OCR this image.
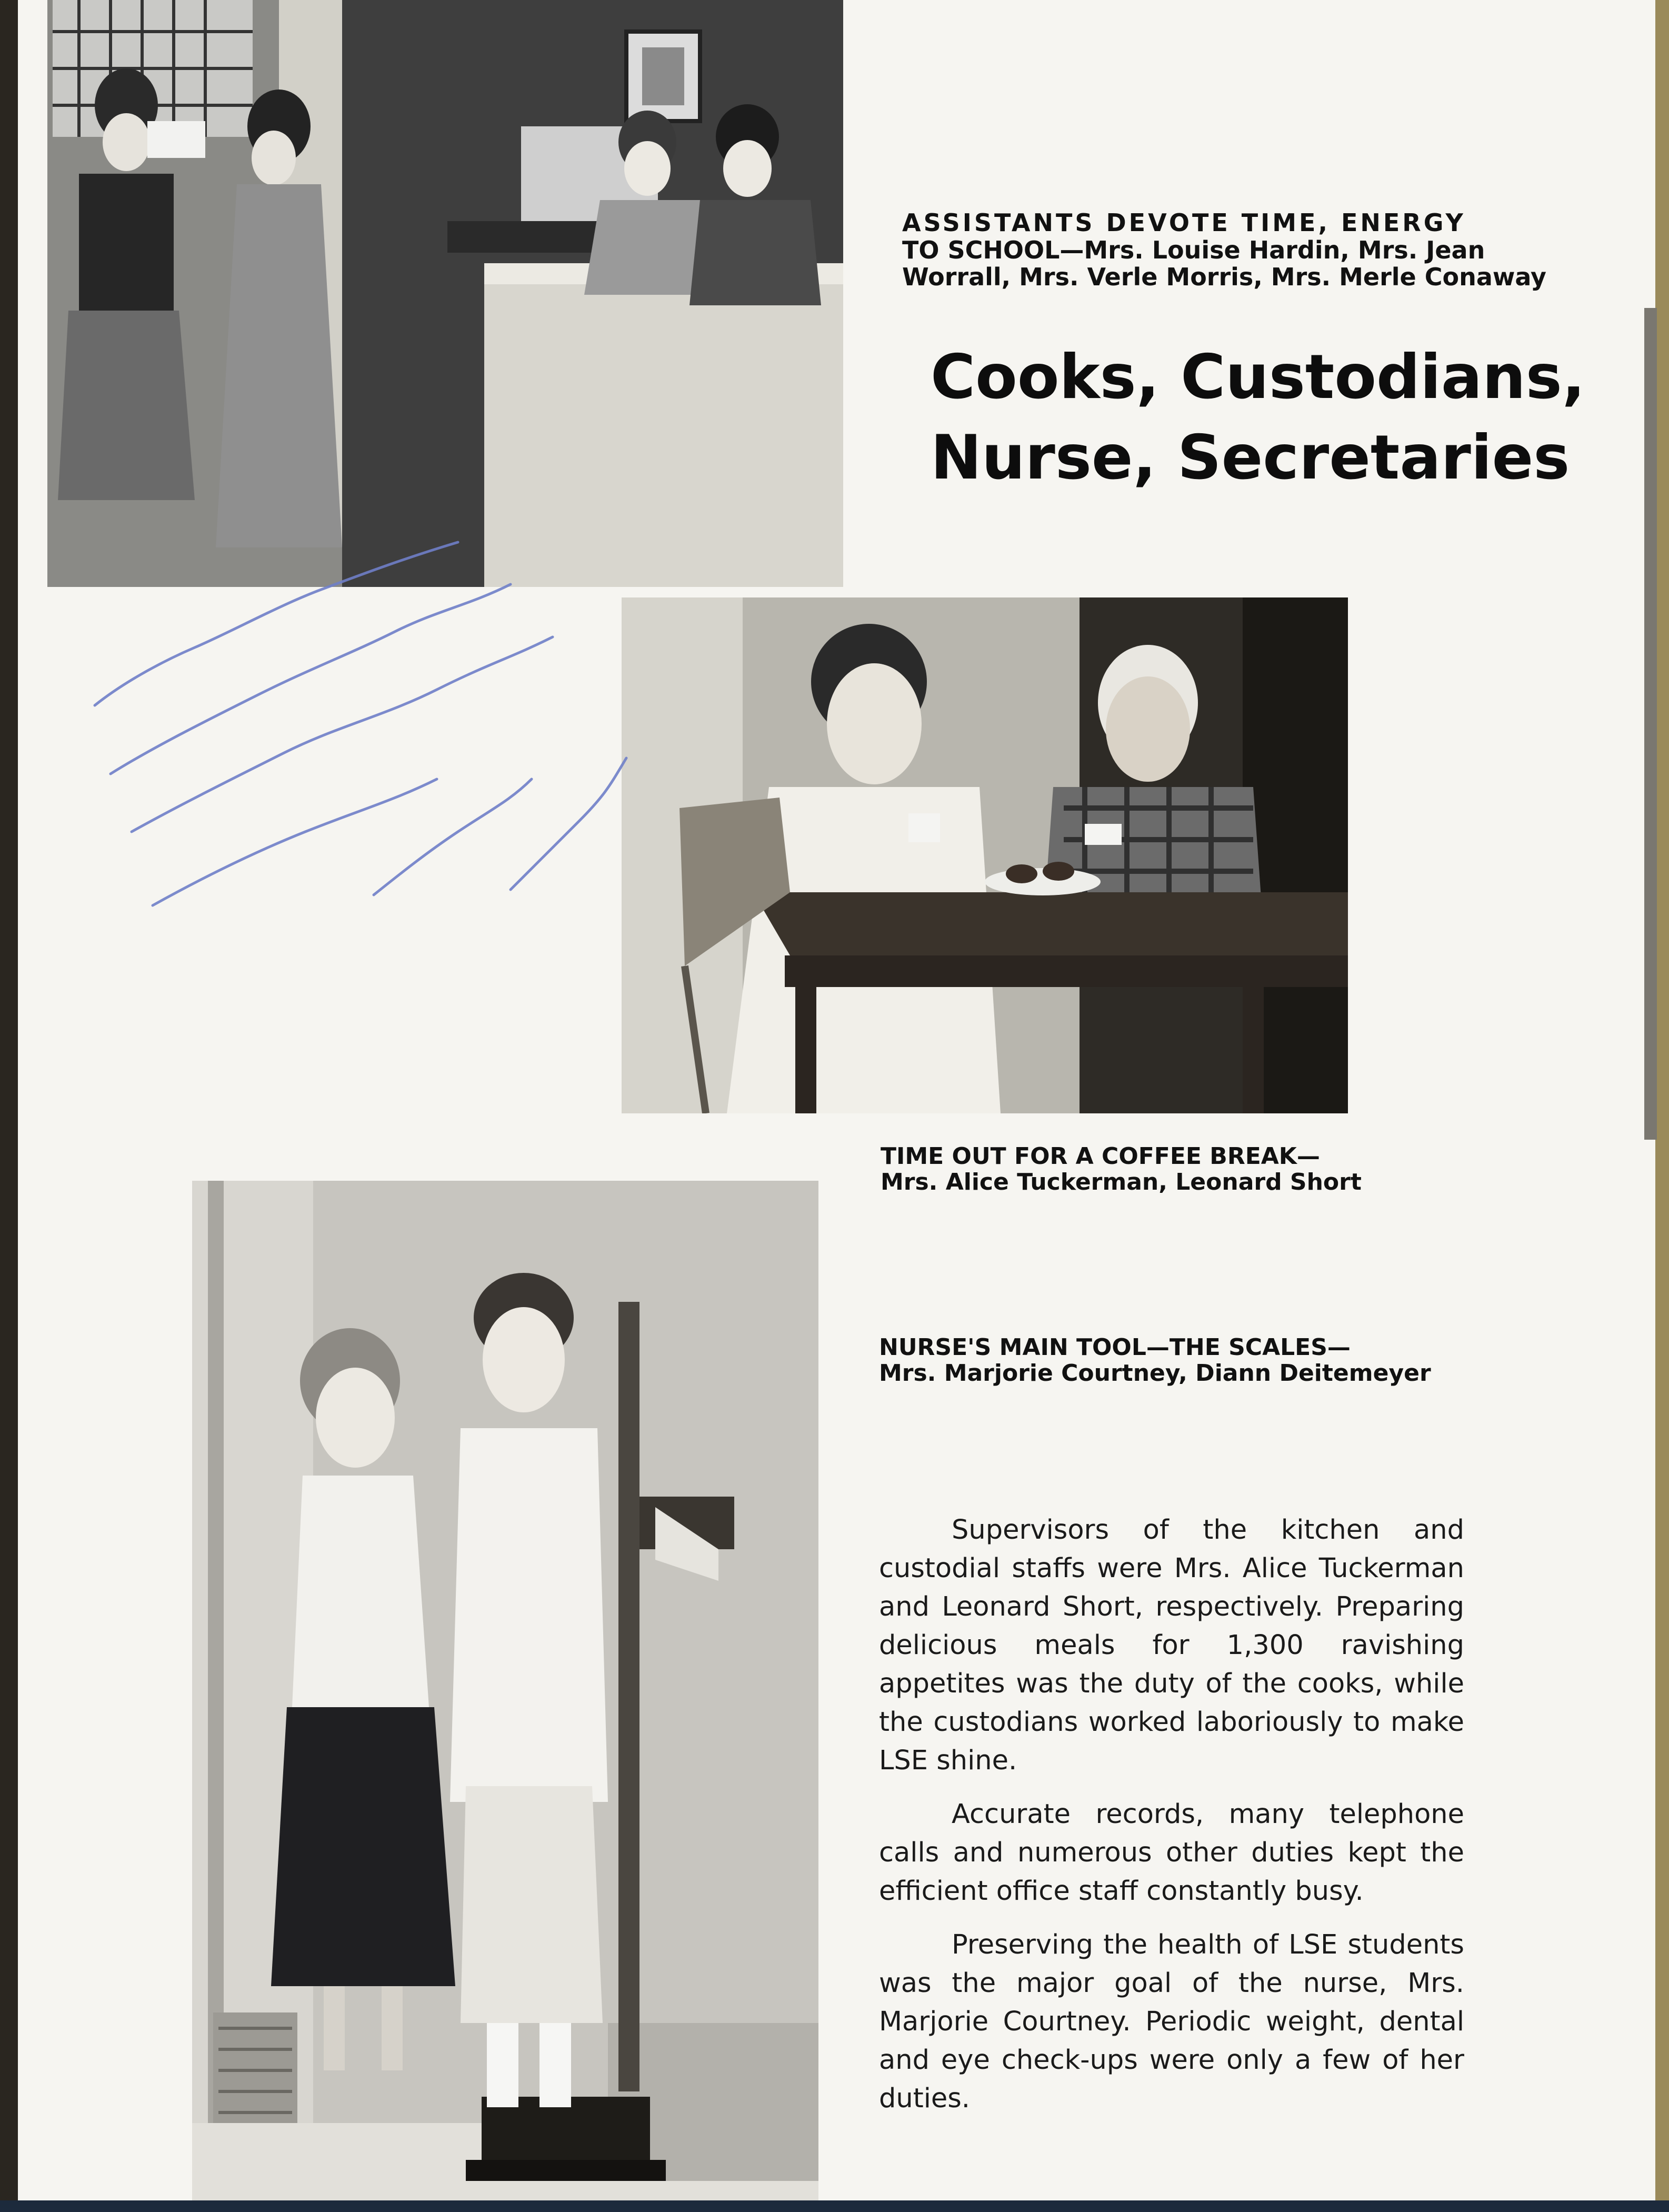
ASSISTANTS DEVOTE TIME, ENERGY
TO SCHOOL—Mrs. Louise Hardin, Mrs. Jean
Worrall, Mrs. Verle Morris, Mrs. Merle Conaway
Cooks, Custodians,
Nurse, Secretaries
TIME OUT FOR A COFFEE BREAK—
Mrs. Alice Tuckerman, Leonard Short
NURSE'S MAIN TOOL—THE SCALES—
Mrs. Marjorie Courtney, Diann Deitemeyer

Supervisors of the kitchen and custodial staffs were Mrs. Alice Tuckerman and Leonard Short, respectively. Preparing delicious meals for 1,300 ravishing appetites was the duty of the cooks, while the custodians worked laboriously to make LSE shine.

Accurate records, many telephone calls and numerous other duties kept the efficient office staff constantly busy.

Preserving the health of LSE students was the major goal of the nurse, Mrs. Marjorie Courtney. Periodic weight, dental and eye check-ups were only a few of her duties.
